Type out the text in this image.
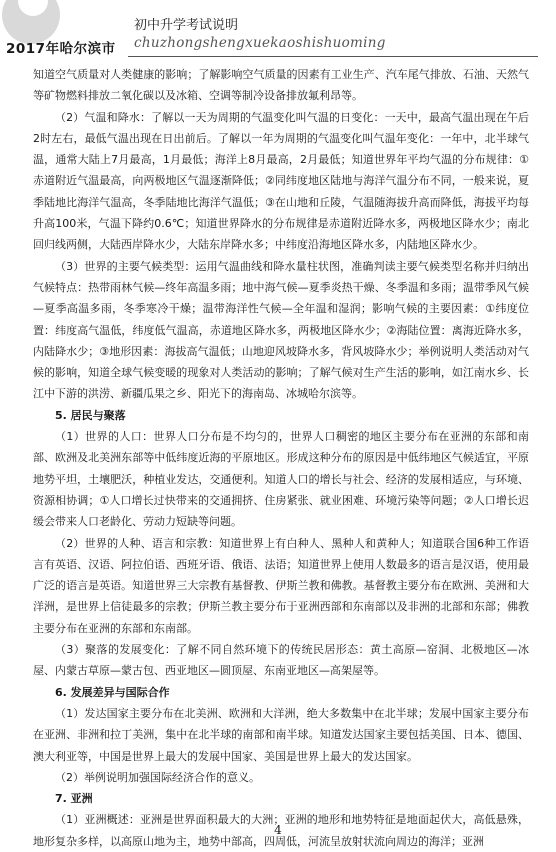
2017年哈尔滨市
初中升学考试说明
chuzhongshengxuekaoshishuoming

知道空气质量对人类健康的影响；了解影响空气质量的因素有工业生产、汽车尾气排放、石油、天然气等矿物燃料排放二氧化碳以及冰箱、空调等制冷设备排放氟利昂等。

（2）气温和降水：了解以一天为周期的气温变化叫气温的日变化：一天中，最高气温出现在午后2时左右，最低气温出现在日出前后。了解以一年为周期的气温变化叫气温年变化：一年中，北半球气温，通常大陆上7月最高，1月最低；海洋上8月最高，2月最低；知道世界年平均气温的分布规律：①赤道附近气温最高，向两极地区气温逐渐降低；②同纬度地区陆地与海洋气温分布不同，一般来说，夏季陆地比海洋气温高，冬季陆地比海洋气温低；③在山地和丘陵，气温随海拔升高而降低，海拔平均每升高100米，气温下降约0.6℃；知道世界降水的分布规律是赤道附近降水多，两极地区降水少；南北回归线两侧，大陆西岸降水少，大陆东岸降水多；中纬度沿海地区降水多，内陆地区降水少。

（3）世界的主要气候类型：运用气温曲线和降水量柱状图，准确判读主要气候类型名称并归纳出气候特点：热带雨林气候—终年高温多雨；地中海气候—夏季炎热干燥、冬季温和多雨；温带季风气候—夏季高温多雨，冬季寒冷干燥；温带海洋性气候—全年温和湿润；影响气候的主要因素：①纬度位置：纬度高气温低，纬度低气温高，赤道地区降水多，两极地区降水少；②海陆位置：离海近降水多，内陆降水少；③地形因素：海拔高气温低；山地迎风坡降水多，背风坡降水少；举例说明人类活动对气候的影响，知道全球气候变暖的现象对人类活动的影响；了解气候对生产生活的影响，如江南水乡、长江中下游的洪涝、新疆瓜果之乡、阳光下的海南岛、冰城哈尔滨等。

5. 居民与聚落

（1）世界的人口：世界人口分布是不均匀的，世界人口稠密的地区主要分布在亚洲的东部和南部、欧洲及北美洲东部等中低纬度近海的平原地区。形成这种分布的原因是中低纬地区气候适宜，平原地势平坦，土壤肥沃，种植业发达，交通便利。知道人口的增长与社会、经济的发展相适应，与环境、资源相协调；①人口增长过快带来的交通拥挤、住房紧张、就业困难、环境污染等问题；②人口增长迟缓会带来人口老龄化、劳动力短缺等问题。

（2）世界的人种、语言和宗教：知道世界上有白种人、黑种人和黄种人；知道联合国6种工作语言有英语、汉语、阿拉伯语、西班牙语、俄语、法语；知道世界上使用人数最多的语言是汉语，使用最广泛的语言是英语。知道世界三大宗教有基督教、伊斯兰教和佛教。基督教主要分布在欧洲、美洲和大洋洲，是世界上信徒最多的宗教；伊斯兰教主要分布于亚洲西部和东南部以及非洲的北部和东部；佛教主要分布在亚洲的东部和东南部。

（3）聚落的发展变化：了解不同自然环境下的传统民居形态：黄土高原—窑洞、北极地区—冰屋、内蒙古草原—蒙古包、西亚地区—圆顶屋、东南亚地区—高架屋等。

6. 发展差异与国际合作

（1）发达国家主要分布在北美洲、欧洲和大洋洲，绝大多数集中在北半球；发展中国家主要分布在亚洲、非洲和拉丁美洲，集中在北半球的南部和南半球。知道发达国家主要包括美国、日本、德国、澳大利亚等，中国是世界上最大的发展中国家、美国是世界上最大的发达国家。

（2）举例说明加强国际经济合作的意义。

7. 亚洲

（1）亚洲概述：亚洲是世界面积最大的大洲；亚洲的地形和地势特征是地面起伏大，高低悬殊，地形复杂多样，以高原山地为主，地势中部高，四周低，河流呈放射状流向周边的海洋；亚洲

4
